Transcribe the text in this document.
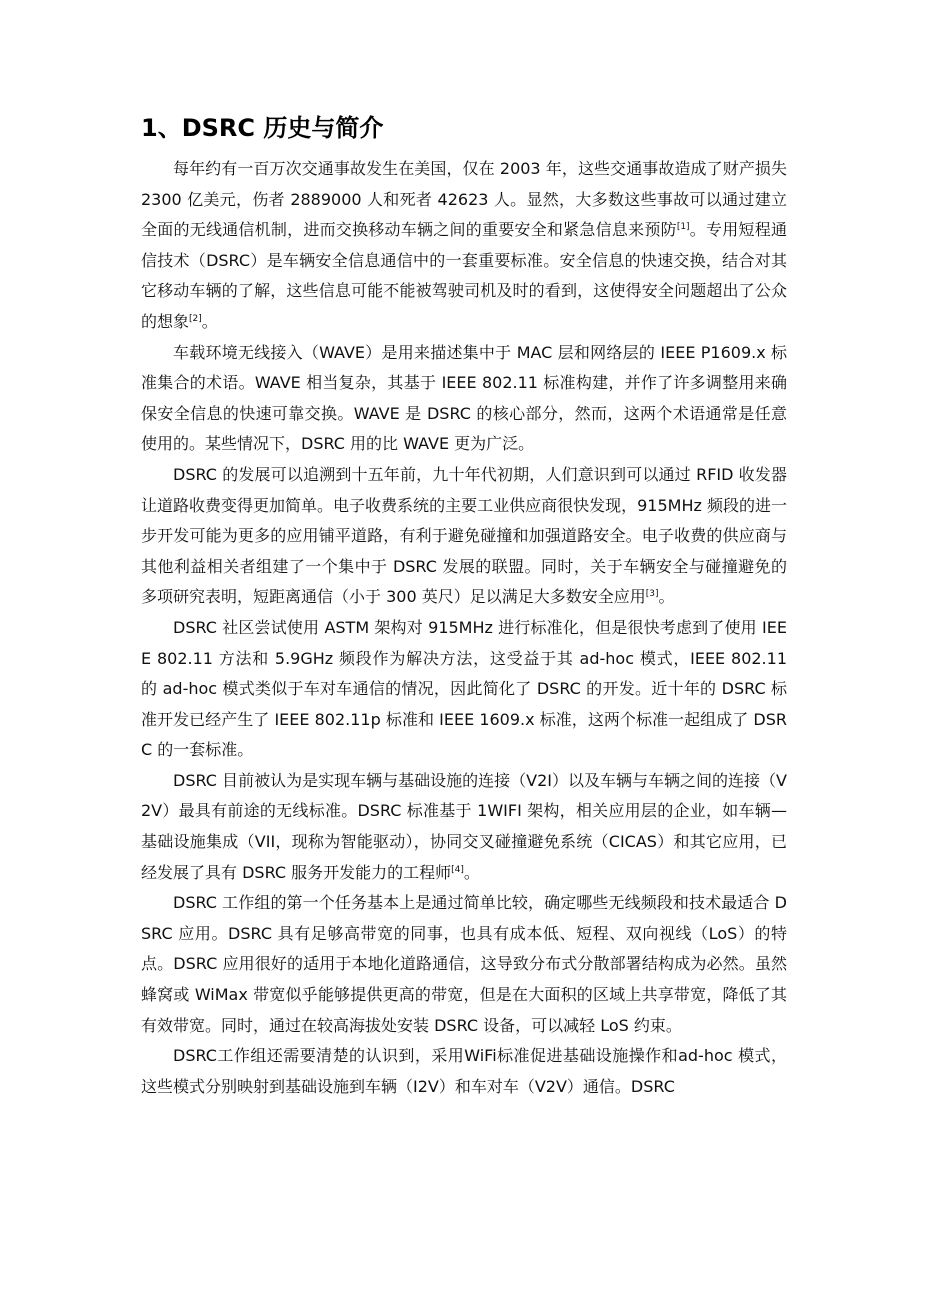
1、DSRC 历史与简介

每年约有一百万次交通事故发生在美国，仅在 2003 年，这些交通事故造成了财产损失 2300 亿美元，伤者 2889000 人和死者 42623 人。显然，大多数这些事故可以通过建立全面的无线通信机制，进而交换移动车辆之间的重要安全和紧急信息来预防[1]。专用短程通信技术（DSRC）是车辆安全信息通信中的一套重要标准。安全信息的快速交换，结合对其它移动车辆的了解，这些信息可能不能被驾驶司机及时的看到，这使得安全问题超出了公众的想象[2]。

车载环境无线接入（WAVE）是用来描述集中于 MAC 层和网络层的 IEEE P1609.x 标准集合的术语。WAVE 相当复杂，其基于 IEEE 802.11 标准构建，并作了许多调整用来确保安全信息的快速可靠交换。WAVE 是 DSRC 的核心部分，然而，这两个术语通常是任意使用的。某些情况下，DSRC 用的比 WAVE 更为广泛。

DSRC 的发展可以追溯到十五年前，九十年代初期，人们意识到可以通过 RFID 收发器让道路收费变得更加简单。电子收费系统的主要工业供应商很快发现，915MHz 频段的进一步开发可能为更多的应用铺平道路，有利于避免碰撞和加强道路安全。电子收费的供应商与其他利益相关者组建了一个集中于 DSRC 发展的联盟。同时，关于车辆安全与碰撞避免的多项研究表明，短距离通信（小于 300 英尺）足以满足大多数安全应用[3]。

DSRC 社区尝试使用 ASTM 架构对 915MHz 进行标准化，但是很快考虑到了使用 IEEE 802.11 方法和 5.9GHz 频段作为解决方法，这受益于其 ad-hoc 模式，IEEE 802.11 的 ad-hoc 模式类似于车对车通信的情况，因此简化了 DSRC 的开发。近十年的 DSRC 标准开发已经产生了 IEEE 802.11p 标准和 IEEE 1609.x 标准，这两个标准一起组成了 DSRC 的一套标准。

DSRC 目前被认为是实现车辆与基础设施的连接（V2I）以及车辆与车辆之间的连接（V2V）最具有前途的无线标准。DSRC 标准基于 1WIFI 架构，相关应用层的企业，如车辆—基础设施集成（VII，现称为智能驱动），协同交叉碰撞避免系统（CICAS）和其它应用，已经发展了具有 DSRC 服务开发能力的工程师[4]。

DSRC 工作组的第一个任务基本上是通过简单比较，确定哪些无线频段和技术最适合 DSRC 应用。DSRC 具有足够高带宽的同事，也具有成本低、短程、双向视线（LoS）的特点。DSRC 应用很好的适用于本地化道路通信，这导致分布式分散部署结构成为必然。虽然蜂窝或 WiMax 带宽似乎能够提供更高的带宽，但是在大面积的区域上共享带宽，降低了其有效带宽。同时，通过在较高海拔处安装 DSRC 设备，可以减轻 LoS 约束。

DSRC工作组还需要清楚的认识到，采用WiFi标准促进基础设施操作和ad-hoc 模式，这些模式分别映射到基础设施到车辆（I2V）和车对车（V2V）通信。DSRC
